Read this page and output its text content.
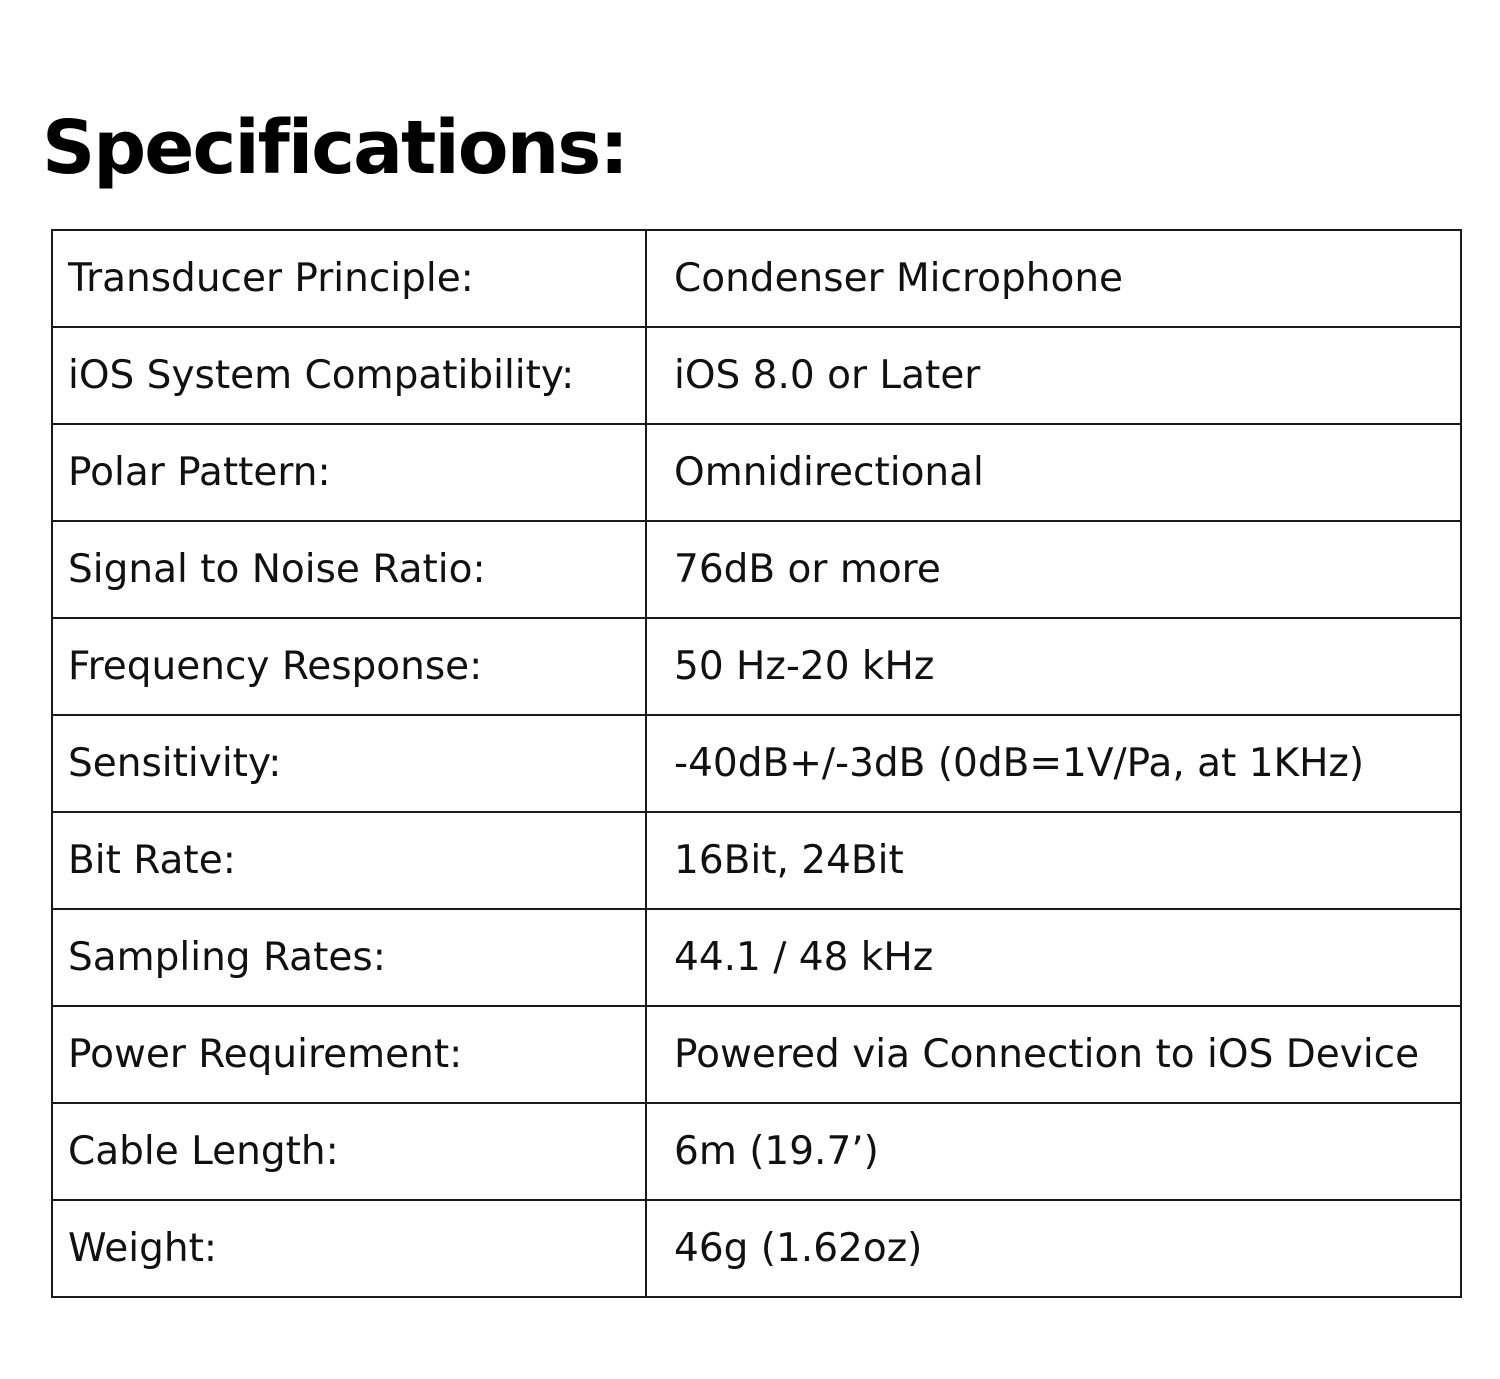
Specifications:
Transducer Principle:	Condenser Microphone
iOS System Compatibility:	iOS 8.0 or Later
Polar Pattern:	Omnidirectional
Signal to Noise Ratio:	76dB or more
Frequency Response:	50 Hz-20 kHz
Sensitivity:	-40dB+/-3dB (0dB=1V/Pa, at 1KHz)
Bit Rate:	16Bit, 24Bit
Sampling Rates:	44.1 / 48 kHz
Power Requirement:	Powered via Connection to iOS Device
Cable Length:	6m (19.7’)
Weight:	46g (1.62oz)
